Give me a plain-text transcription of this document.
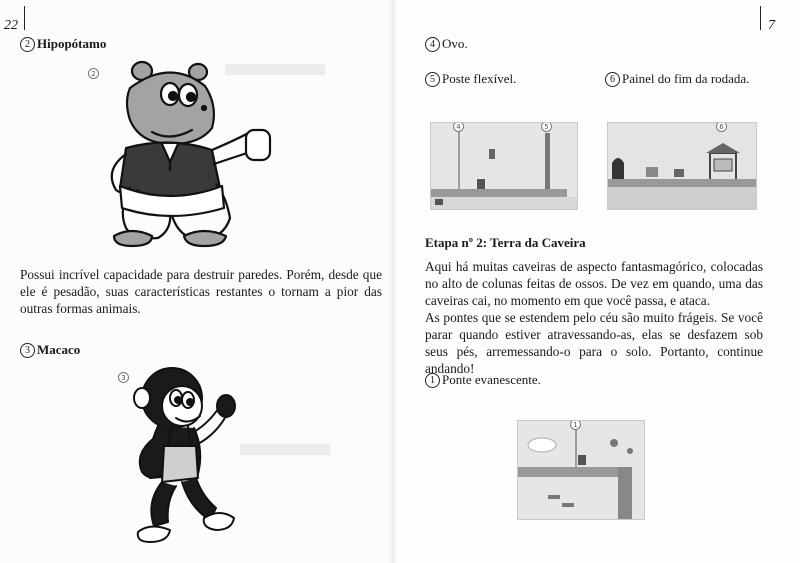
▆▆▆▆▆▆▆▆▆▆
22
2 Hipopótamo
2

Possui incrível capacidade para destruir paredes. Porém, desde que ele é pesadão, suas características restantes o tornam a pior das outras formas animais.

3 Macaco
3
▆▆▆▆▆▆▆▆▆
7
4 Ovo.
5 Poste flexível.	6 Painel do fim da rodada.
4	5	6
Etapa nº 2: Terra da Caveira

Aqui há muitas caveiras de aspecto fantasmagórico, colocadas no alto de colunas feitas de ossos. De vez em quando, uma das caveiras cai, no momento em que você passa, e ataca.

As pontes que se estendem pelo céu são muito frágeis. Se você parar quando estiver atravessando-as, elas se desfazem sob seus pés, arremessando-o para o solo. Portanto, continue andando!

1 Ponte evanescente.
1
